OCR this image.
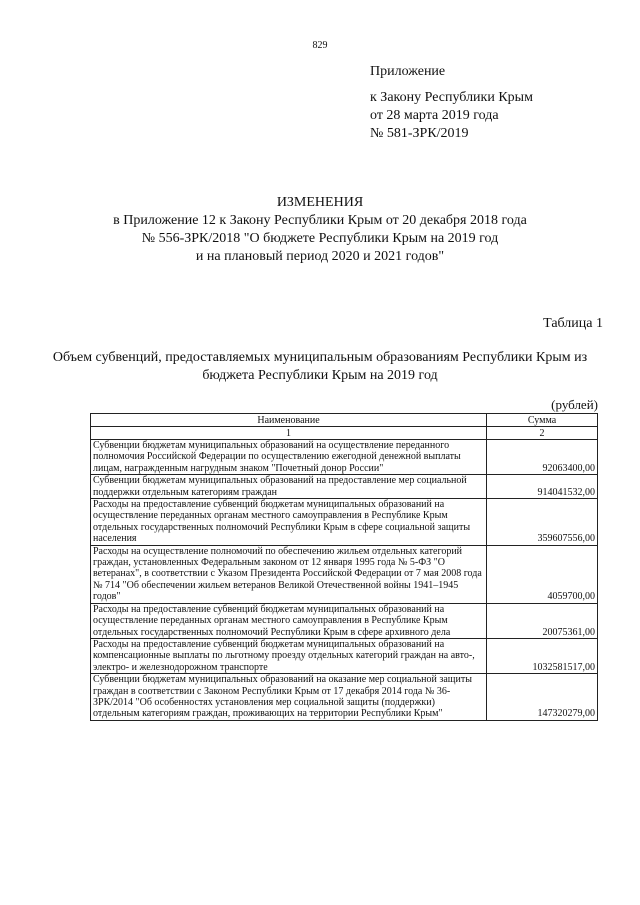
829
Приложение
к Закону Республики Крым
от 28 марта 2019 года
№ 581-ЗРК/2019
ИЗМЕНЕНИЯ
в Приложение 12 к Закону Республики Крым от 20 декабря 2018 года
№ 556-ЗРК/2018 "О бюджете Республики Крым на 2019 год
и на плановый период 2020 и 2021 годов"
Таблица 1
Объем субвенций, предоставляемых муниципальным образованиям Республики Крым из бюджета Республики Крым на 2019 год
(рублей)
Наименование	Сумма
1	2
Субвенции бюджетам муниципальных образований на осуществление переданного полномочия Российской Федерации по осуществлению ежегодной денежной выплаты лицам, награжденным нагрудным знаком "Почетный донор России"	92063400,00
Субвенции бюджетам муниципальных образований на предоставление мер социальной поддержки отдельным категориям граждан	914041532,00
Расходы на предоставление субвенций бюджетам муниципальных образований на осуществление переданных органам местного самоуправления в Республике Крым отдельных государственных полномочий Республики Крым в сфере социальной защиты населения	359607556,00
Расходы на осуществление полномочий по обеспечению жильем отдельных категорий граждан, установленных Федеральным законом от 12 января 1995 года № 5-ФЗ "О ветеранах", в соответствии с Указом Президента Российской Федерации от 7 мая 2008 года № 714 "Об обеспечении жильем ветеранов Великой Отечественной войны 1941–1945 годов"	4059700,00
Расходы на предоставление субвенций бюджетам муниципальных образований на осуществление переданных органам местного самоуправления в Республике Крым отдельных государственных полномочий Республики Крым в сфере архивного дела	20075361,00
Расходы на предоставление субвенций бюджетам муниципальных образований на компенсационные выплаты по льготному проезду отдельных категорий граждан на авто-, электро- и железнодорожном транспорте	1032581517,00
Субвенции бюджетам муниципальных образований на оказание мер социальной защиты граждан в соответствии с Законом Республики Крым от 17 декабря 2014 года № 36-ЗРК/2014 "Об особенностях установления мер социальной защиты (поддержки) отдельным категориям граждан, проживающих на территории Республики Крым"	147320279,00
